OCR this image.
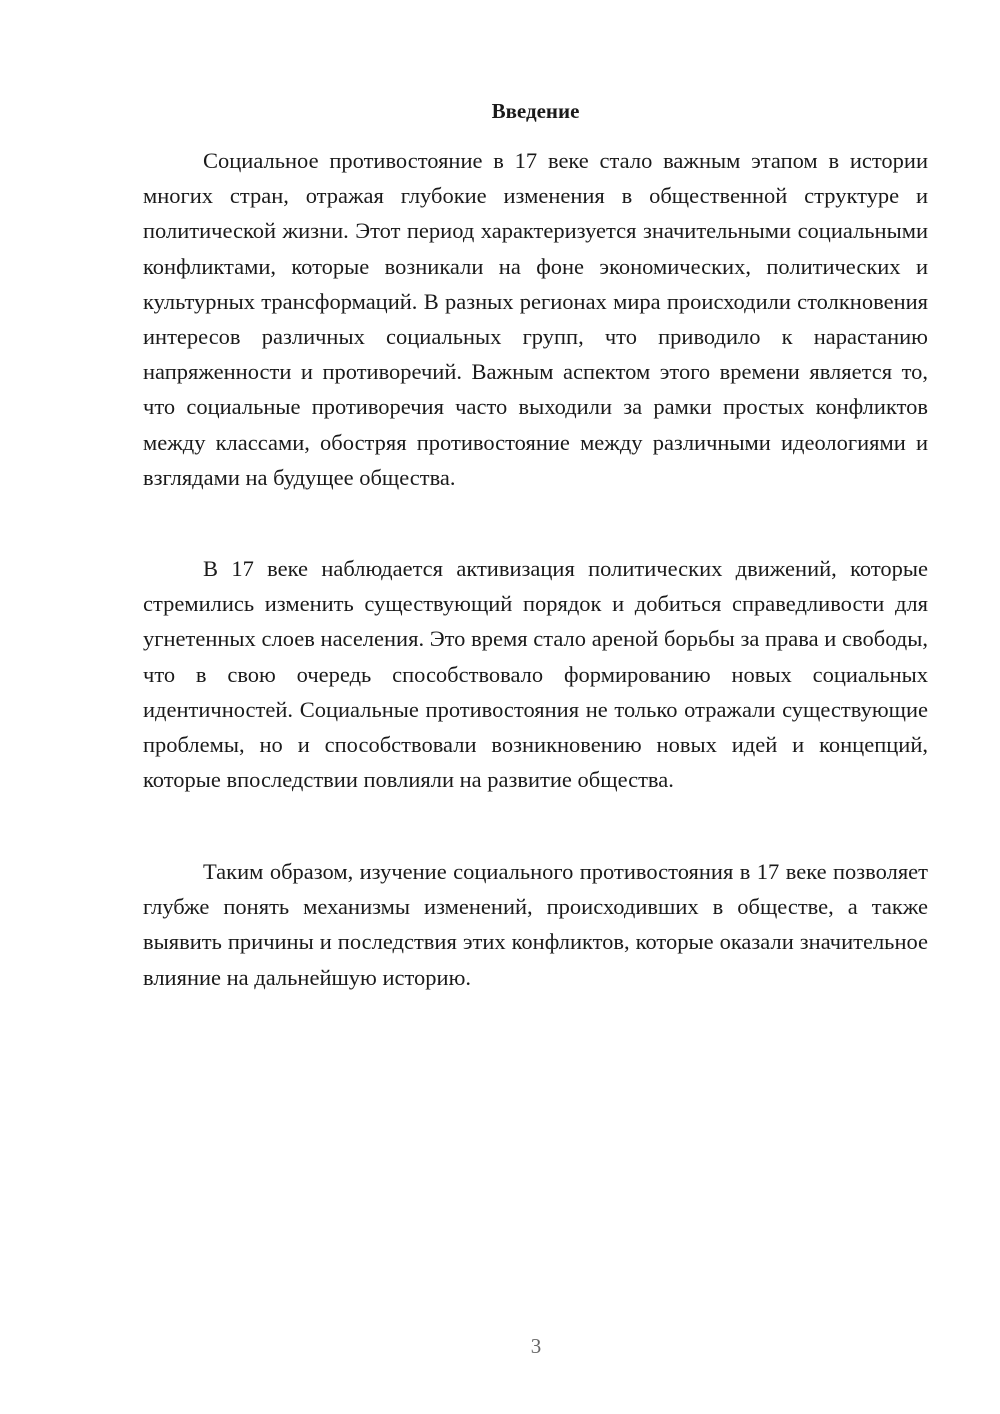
Введение

Социальное противостояние в 17 веке стало важным этапом в истории многих стран, отражая глубокие изменения в общественной структуре и политической жизни. Этот период характеризуется значительными социальными конфликтами, которые возникали на фоне экономических, политических и культурных трансформаций. В разных регионах мира происходили столкновения интересов различных социальных групп, что приводило к нарастанию напряженности и противоречий. Важным аспектом этого времени является то, что социальные противоречия часто выходили за рамки простых конфликтов между классами, обостряя противостояние между различными идеологиями и взглядами на будущее общества.

В 17 веке наблюдается активизация политических движений, которые стремились изменить существующий порядок и добиться справедливости для угнетенных слоев населения. Это время стало ареной борьбы за права и свободы, что в свою очередь способствовало формированию новых социальных идентичностей. Социальные противостояния не только отражали существующие проблемы, но и способствовали возникновению новых идей и концепций, которые впоследствии повлияли на развитие общества.

Таким образом, изучение социального противостояния в 17 веке позволяет глубже понять механизмы изменений, происходивших в обществе, а также выявить причины и последствия этих конфликтов, которые оказали значительное влияние на дальнейшую историю.

3
